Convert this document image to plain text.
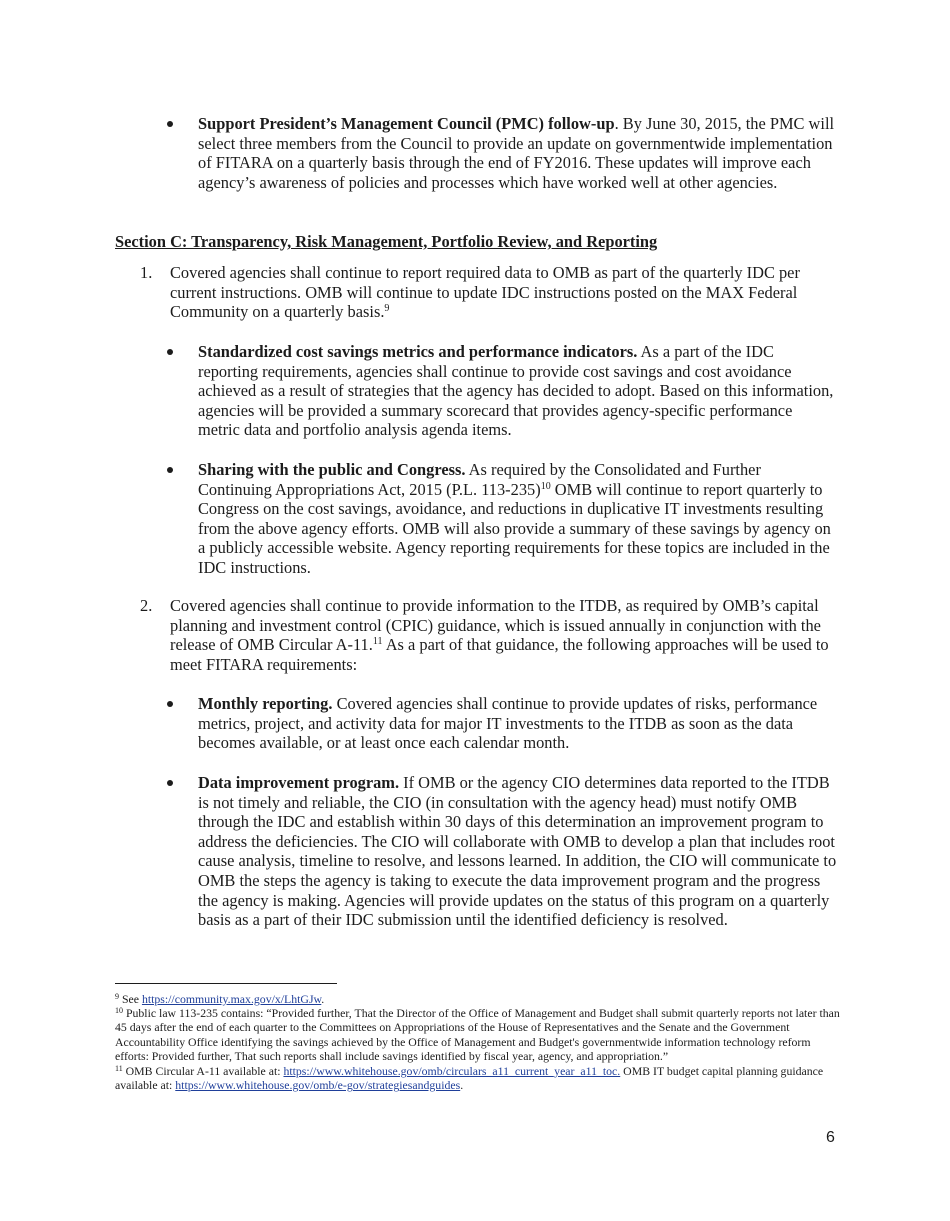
Support President’s Management Council (PMC) follow-up. By June 30, 2015, the PMC will select three members from the Council to provide an update on governmentwide implementation of FITARA on a quarterly basis through the end of FY2016. These updates will improve each agency’s awareness of policies and processes which have worked well at other agencies.

Section C: Transparency, Risk Management, Portfolio Review, and Reporting
1. Covered agencies shall continue to report required data to OMB as part of the quarterly IDC per current instructions. OMB will continue to update IDC instructions posted on the MAX Federal Community on a quarterly basis.$^9$

Standardized cost savings metrics and performance indicators. As a part of the IDC reporting requirements, agencies shall continue to provide cost savings and cost avoidance achieved as a result of strategies that the agency has decided to adopt. Based on this information, agencies will be provided a summary scorecard that provides agency-specific performance metric data and portfolio analysis agenda items.

Sharing with the public and Congress. As required by the Consolidated and Further Continuing Appropriations Act, 2015 (P.L. 113-235)$^{10}$ OMB will continue to report quarterly to Congress on the cost savings, avoidance, and reductions in duplicative IT investments resulting from the above agency efforts. OMB will also provide a summary of these savings by agency on a publicly accessible website. Agency reporting requirements for these topics are included in the IDC instructions.

2. Covered agencies shall continue to provide information to the ITDB, as required by OMB’s capital planning and investment control (CPIC) guidance, which is issued annually in conjunction with the release of OMB Circular A-11.11 As a part of that guidance, the following approaches will be used to meet FITARA requirements:

Monthly reporting. Covered agencies shall continue to provide updates of risks, performance metrics, project, and activity data for major IT investments to the ITDB as soon as the data becomes available, or at least once each calendar month.

Data improvement program. If OMB or the agency CIO determines data reported to the ITDB is not timely and reliable, the CIO (in consultation with the agency head) must notify OMB through the IDC and establish within 30 days of this determination an improvement program to address the deficiencies. The CIO will collaborate with OMB to develop a plan that includes root cause analysis, timeline to resolve, and lessons learned. In addition, the CIO will communicate to OMB the steps the agency is taking to execute the data improvement program and the progress the agency is making. Agencies will provide updates on the status of this program on a quarterly basis as a part of their IDC submission until the identified deficiency is resolved.

$^9$ See https://community.max.gov/x/LhtGJw.
$^{10}$ Public law 113-235 contains: “Provided further, That the Director of the Office of Management and Budget shall submit quarterly reports not later than 45 days after the end of each quarter to the Committees on Appropriations of the House of Representatives and the Senate and the Government Accountability Office identifying the savings achieved by the Office of Management and Budget's governmentwide information technology reform efforts: Provided further, That such reports shall include savings identified by fiscal year, agency, and appropriation.”
$^{11}$ OMB Circular A-11 available at: https://www.whitehouse.gov/omb/circulars_a11_current_year_a11_toc. OMB IT budget capital planning guidance available at: https://www.whitehouse.gov/omb/e-gov/strategiesandguides.
6
